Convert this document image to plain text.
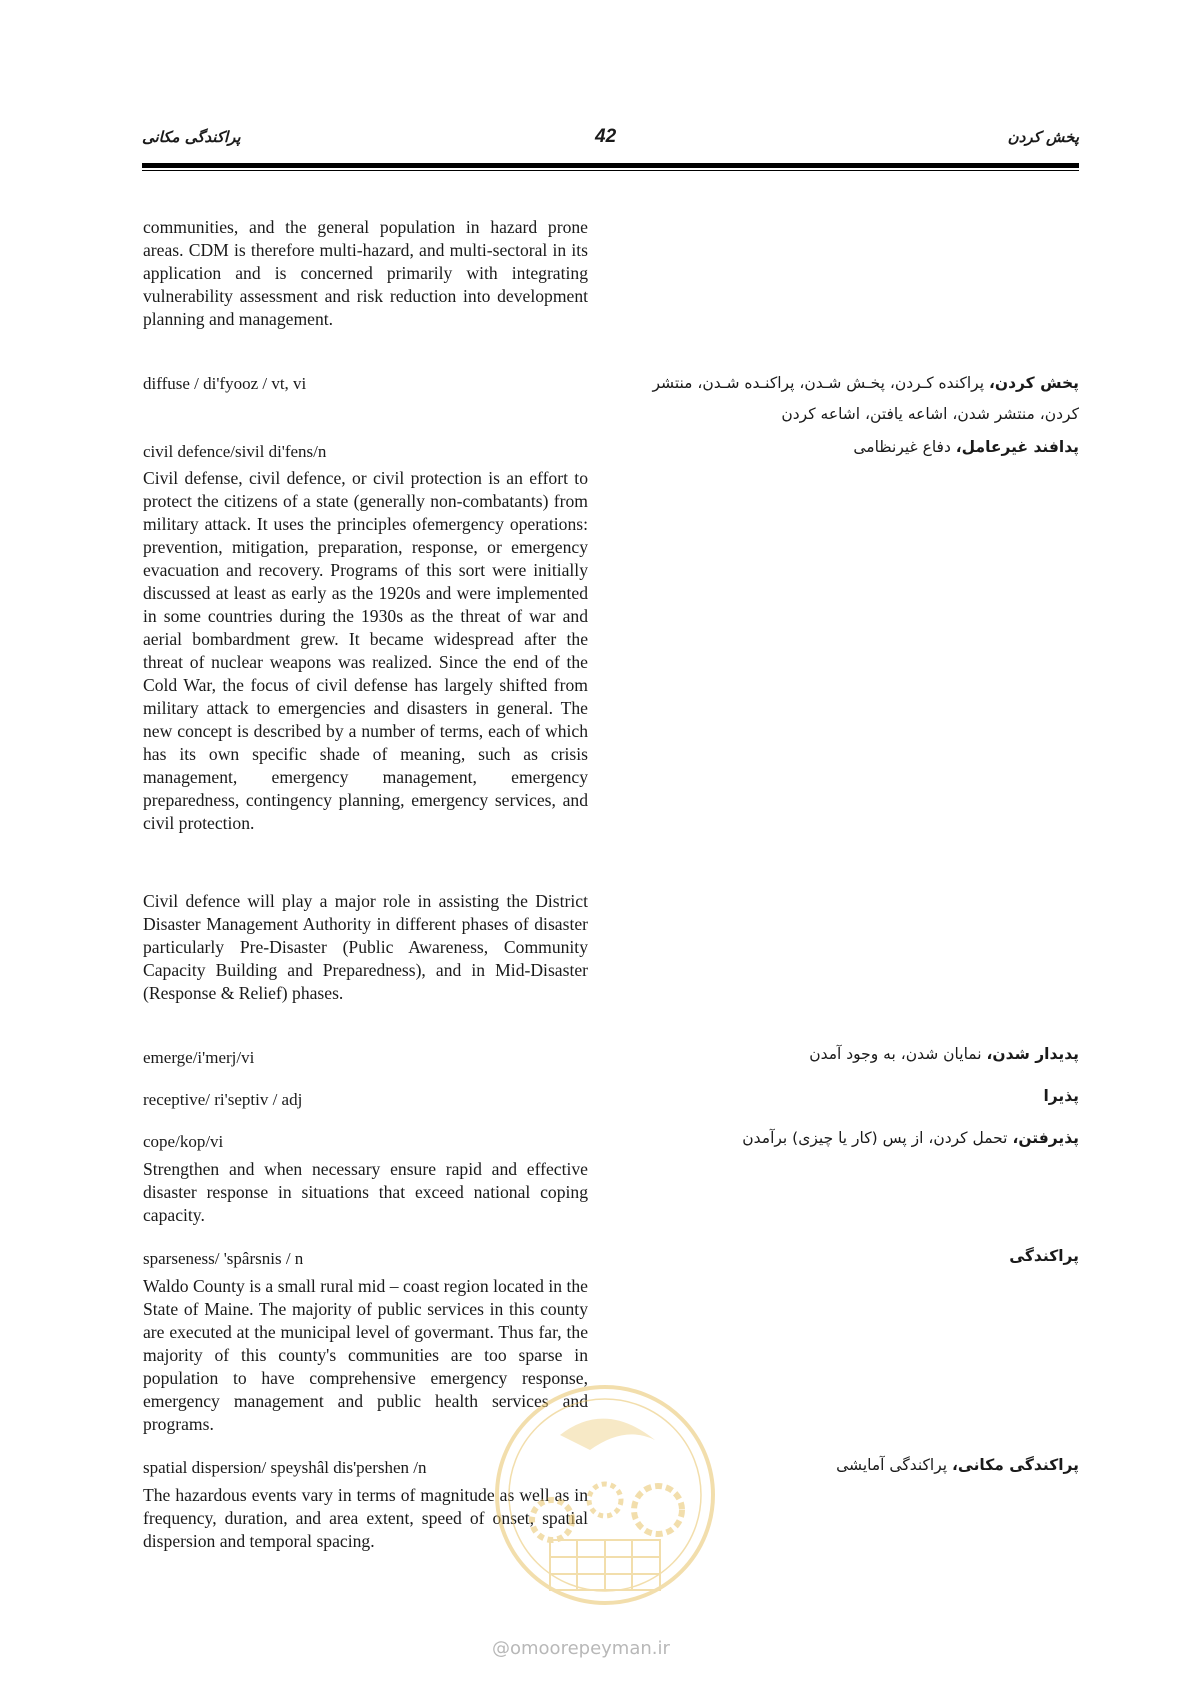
پراکندگی مکانی	42	پخش کردن

communities, and the general population in hazard prone areas. CDM is therefore multi-hazard, and multi-sectoral in its application and is concerned primarily with integrating vulnerability assessment and risk reduction into development planning and management.

diffuse / di'fyooz / vt, vi

civil defence/sivil di'fens/n

Civil defense, civil defence, or civil protection is an effort to protect the citizens of a state (generally non-combatants) from military attack. It uses the principles ofemergency operations: prevention, mitigation, preparation, response, or emergency evacuation and recovery. Programs of this sort were initially discussed at least as early as the 1920s and were implemented in some countries during the 1930s as the threat of war and aerial bombardment grew. It became widespread after the threat of nuclear weapons was realized. Since the end of the Cold War, the focus of civil defense has largely shifted from military attack to emergencies and disasters in general. The new concept is described by a number of terms, each of which has its own specific shade of meaning, such as crisis management, emergency management, emergency preparedness, contingency planning, emergency services, and civil protection.

Civil defence will play a major role in assisting the District Disaster Management Authority in different phases of disaster particularly Pre-Disaster (Public Awareness, Community Capacity Building and Preparedness), and in Mid-Disaster (Response & Relief) phases.

emerge/i'merj/vi

receptive/ ri'septiv / adj

cope/kop/vi

Strengthen and when necessary ensure rapid and effective disaster response in situations that exceed national coping capacity.

sparseness/ 'spârsnis / n

Waldo County is a small rural mid – coast region located in the State of Maine. The majority of public services in this county are executed at the municipal level of govermant. Thus far, the majority of this county's communities are too sparse in population to have comprehensive emergency response, emergency management and public health services and programs.

spatial dispersion/ speyshâl dis'pershen /n

The hazardous events vary in terms of magnitude as well as in frequency, duration, and area extent, speed of onset, spatial dispersion and temporal spacing.

پخش کردن، پراکنده کـردن، پخـش شـدن، پراکنـده شـدن، منتشر کردن، منتشر شدن، اشاعه یافتن، اشاعه کردن
پدافند غیرعامل، دفاع غیرنظامی
پدیدار شدن، نمایان شدن، به وجود آمدن
پذیرا
پذیرفتن، تحمل کردن، از پس (کار یا چیزی) برآمدن
پراکندگی
پراکندگی مکانی، پراکندگی آمایشی
@omoorepeyman.ir
